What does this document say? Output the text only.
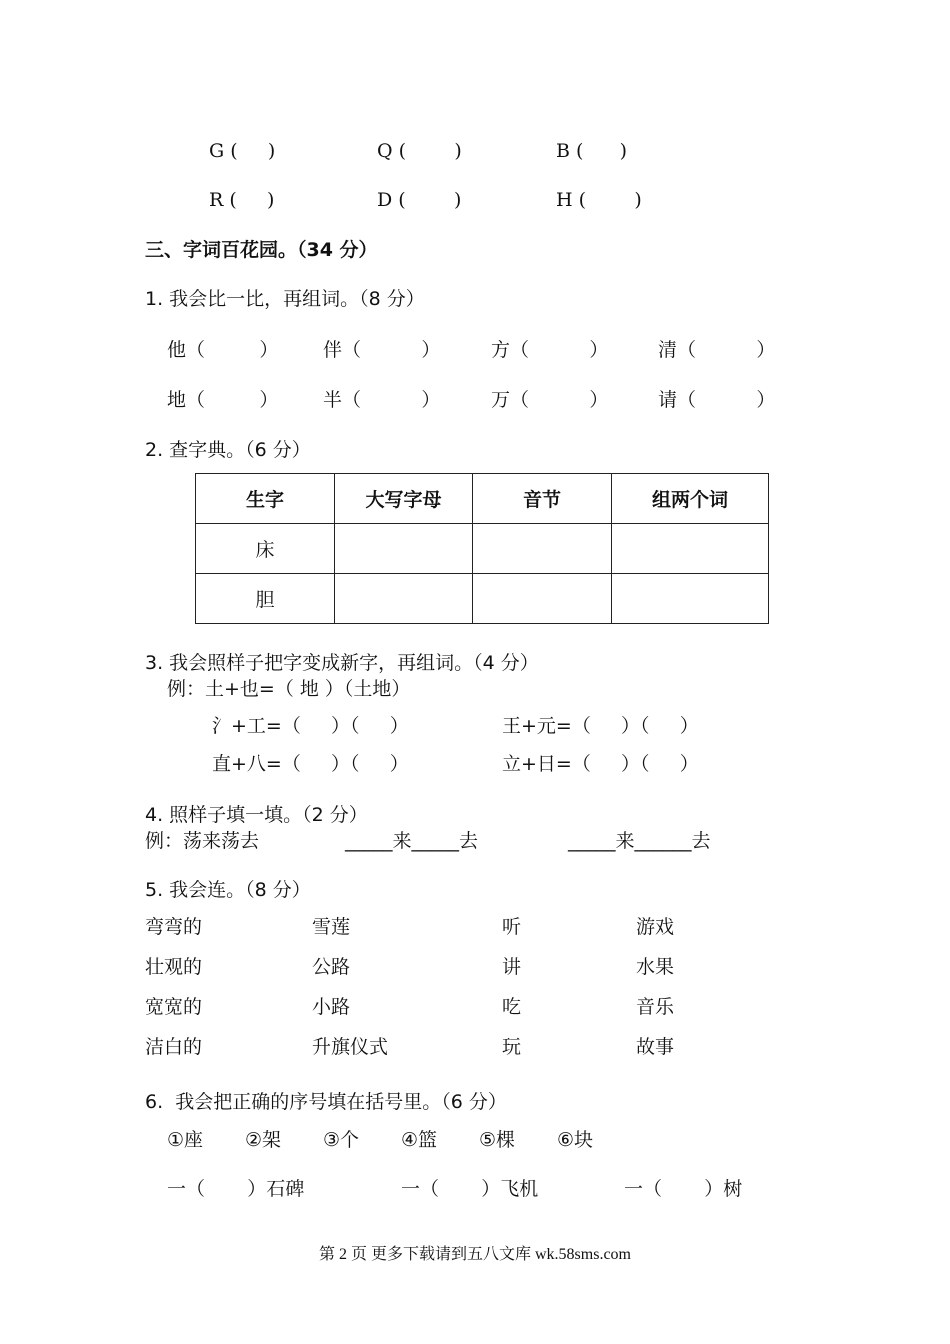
G (     )	Q (        )	B (      )
R (     )	D (        )	H (        )
三、字词百花园。（34 分）
1. 我会比一比，再组词。（8 分）
他（         ） 伴（          ）	方（          ）	清（          ）
地（         ） 半（          ）	万（          ）	请（          ）
2. 查字典。（6 分）
生字	大写字母	音节	组两个词
床			
胆			
3. 我会照样子把字变成新字，再组词。（4 分）
例：土+也=（ 地 ）（土地）
氵+工=（     ）（     ）	王+元=（     ）（     ）
直+八=（     ）（     ）	立+日=（     ）（     ）
4. 照样子填一填。（2 分）
例：荡来荡去	_____来_____去	_____来______去
5. 我会连。（8 分）
弯弯的	雪莲	听	游戏
壮观的	公路	讲	水果
宽宽的	小路	吃	音乐
洁白的	升旗仪式	玩	故事
6.  我会把正确的序号填在括号里。（6 分）
①座 ②架 ③个 ④篮 ⑤棵 ⑥块
一（       ）石碑	一（       ）飞机	一（       ）树
第 2 页 更多下载请到五八文库 wk.58sms.com
